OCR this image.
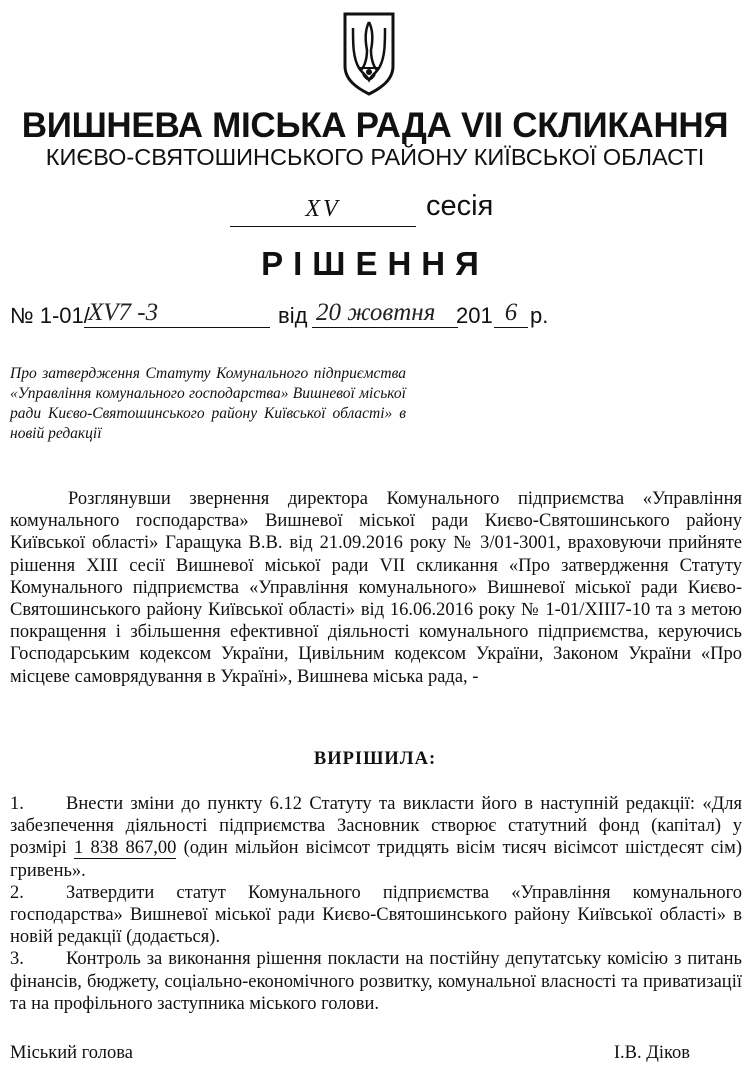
ВИШНЕВА МІСЬКА РАДА VII СКЛИКАННЯ
КИЄВО-СВЯТОШИНСЬКОГО РАЙОНУ КИЇВСЬКОЇ ОБЛАСТІ
XV	сесія
РІШЕННЯ
№ 1-01/
XV7 -3	від 20 жовтня 201 6 р.
Про затвердження Статуту Комунального підприємства «Управління комунального господарства» Вишневої міської ради Києво-Святошинського району Київської області» в новій редакції
Розглянувши звернення директора Комунального підприємства «Управління комунального господарства» Вишневої міської ради Києво-Святошинського району Київської області» Гаращука В.В. від 21.09.2016 року № 3/01-3001, враховуючи прийняте рішення XIII сесії Вишневої міської ради VII скликання «Про затвердження Статуту Комунального підприємства «Управління комунального» Вишневої міської ради Києво-Святошинського району Київської області» від 16.06.2016 року № 1-01/XIII7-10 та з метою покращення і збільшення ефективної діяльності комунального підприємства, керуючись Господарським кодексом України, Цивільним кодексом України, Законом України «Про місцеве самоврядування в Україні», Вишнева міська рада, -
ВИРІШИЛА:

1. Внести зміни до пункту 6.12 Статуту та викласти його в наступній редакції: «Для забезпечення діяльності підприємства Засновник створює статутний фонд (капітал) у розмірі 1 838 867,00 (один мільйон вісімсот тридцять вісім тисяч вісімсот шістдесят сім) гривень».

2. Затвердити статут Комунального підприємства «Управління комунального господарства» Вишневої міської ради Києво-Святошинського району Київської області» в новій редакції (додається).

3. Контроль за виконання рішення покласти на постійну депутатську комісію з питань фінансів, бюджету, соціально-економічного розвитку, комунальної власності та приватизації та на профільного заступника міського голови.

Міський голова	І.В. Діков
